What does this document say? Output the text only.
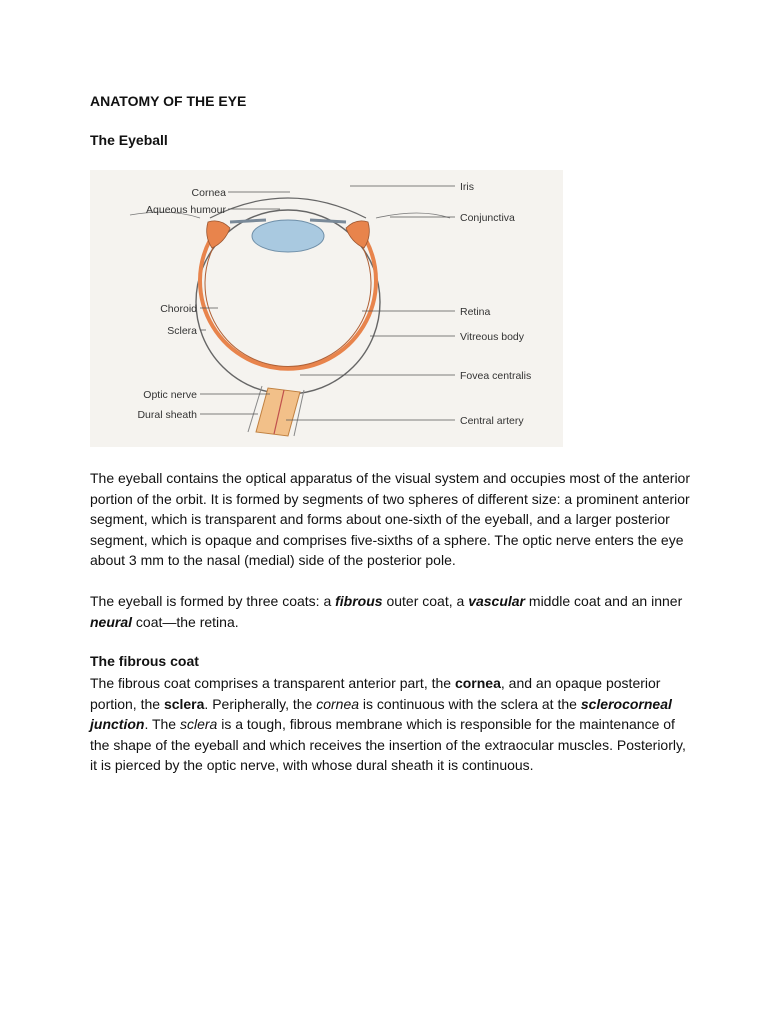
ANATOMY OF THE EYE
The Eyeball
Cornea
Aqueous humour
Choroid
Sclera
Optic nerve
Dural sheath
Iris
Conjunctiva
Retina
Vitreous body
Fovea centralis
Central artery

The eyeball contains the optical apparatus of the visual system and occupies most of the anterior portion of the orbit. It is formed by segments of two spheres of different size: a prominent anterior segment, which is transparent and forms about one-sixth of the eyeball, and a larger posterior segment, which is opaque and comprises five-sixths of a sphere. The optic nerve enters the eye about 3 mm to the nasal (medial) side of the posterior pole.

The eyeball is formed by three coats: a fibrous outer coat, a vascular middle coat and an inner neural coat—the retina.

The fibrous coat

The fibrous coat comprises a transparent anterior part, the cornea, and an opaque posterior portion, the sclera. Peripherally, the cornea is continuous with the sclera at the sclerocorneal junction. The sclera is a tough, fibrous membrane which is responsible for the maintenance of the shape of the eyeball and which receives the insertion of the extraocular muscles. Posteriorly, it is pierced by the optic nerve, with whose dural sheath it is continuous.
